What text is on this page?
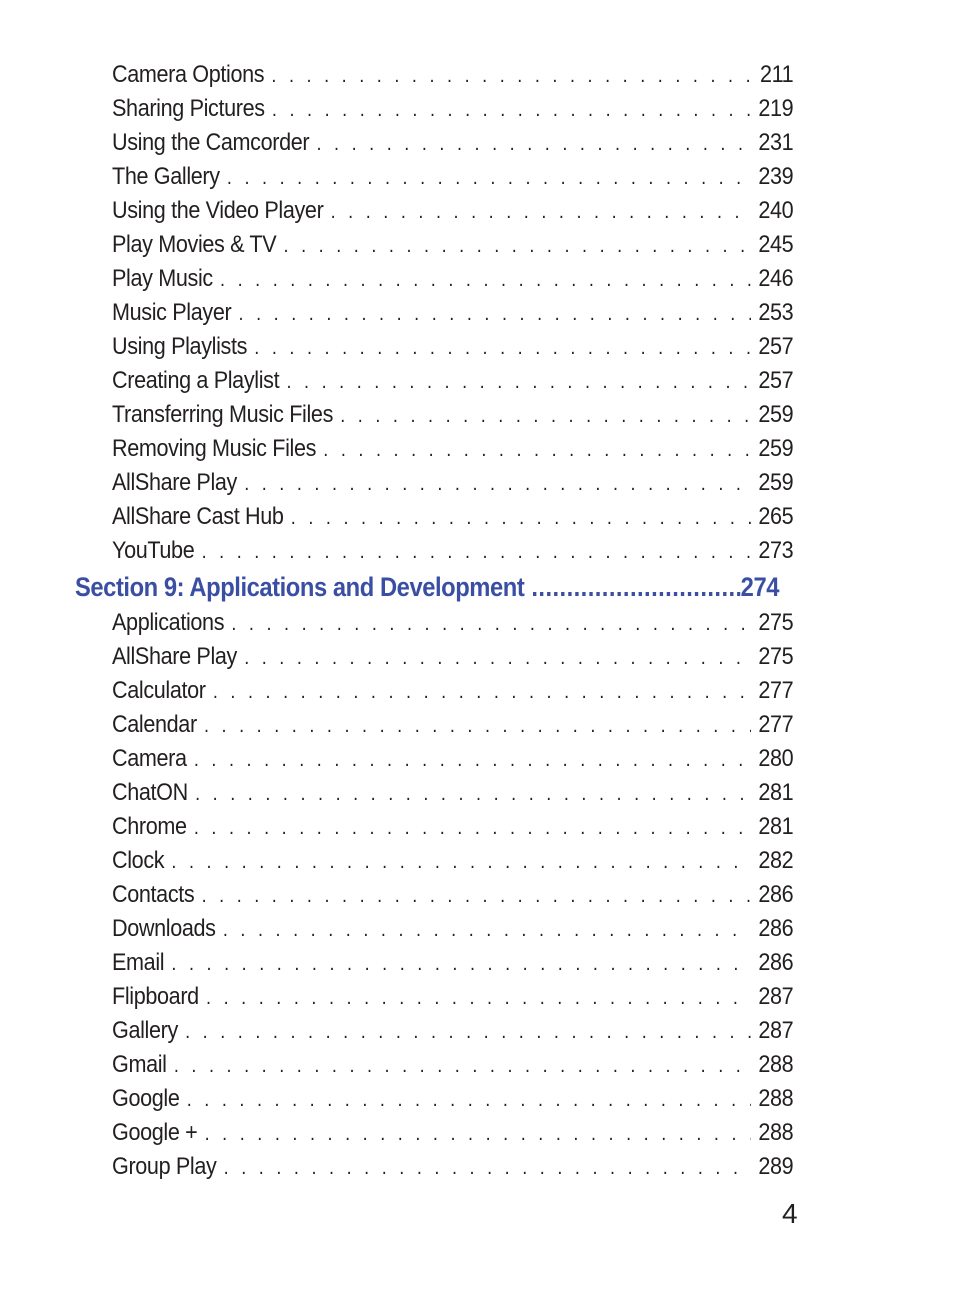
Camera Options . . .	211
Sharing Pictures . . .	219
Using the Camcorder . . .	231
The Gallery . . .	239
Using the Video Player . . .	240
Play Movies & TV . . .	245
Play Music . . .	246
Music Player . . .	253
Using Playlists . . .	257
Creating a Playlist . . .	257
Transferring Music Files . . .	259
Removing Music Files . . .	259
AllShare Play . . .	259
AllShare Cast Hub . . .	265
YouTube . . .	273
Section 9: Applications and Development .....	274
Applications . . .	275
AllShare Play . . .	275
Calculator . . .	277
Calendar . . .	277
Camera . . .	280
ChatON . . .	281
Chrome . . .	281
Clock . . .	282
Contacts . . .	286
Downloads . . .	286
Email . . .	286
Flipboard . . .	287
Gallery . . .	287
Gmail . . .	288
Google . . .	288
Google + . . .	288
Group Play . . .	289
4
